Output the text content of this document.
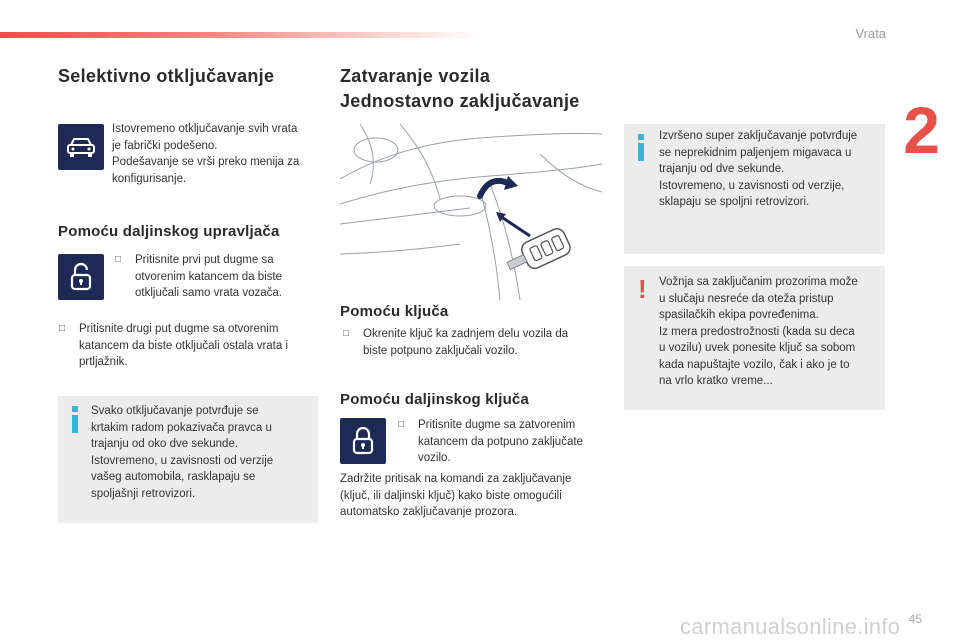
Vrata
2
Selektivno otključavanje
Istovremeno otključavanje svih vrata
je fabrički podešeno.
Podešavanje se vrši preko menija za
konfigurisanje.
Pomoću daljinskog upravljača
□ Pritisnite prvi put dugme sa
otvorenim katancem da biste
otključali samo vrata vozača.
□ Pritisnite drugi put dugme sa otvorenim
katancem da biste otključali ostala vrata i
prtljažnik.
Svako otključavanje potvrđuje se
krtakim radom pokazivača pravca u
trajanju od oko dve sekunde.
Istovremeno, u zavisnosti od verzije
vašeg automobila, rasklapaju se
spoljašnji retrovizori.
Zatvaranje vozila
Jednostavno zaključavanje
Pomoću ključa
□ Okrenite ključ ka zadnjem delu vozila da
biste potpuno zaključali vozilo.
Pomoću daljinskog ključa
□ Pritisnite dugme sa zatvorenim
katancem da potpuno zaključate
vozilo.
Zadržite pritisak na komandi za zaključavanje
(ključ, ili daljinski ključ) kako biste omogućili
automatsko zaključavanje prozora.
Izvršeno super zaključavanje potvrđuje
se neprekidnim paljenjem migavaca u
trajanju od dve sekunde.
Istovremeno, u zavisnosti od verzije,
sklapaju se spoljni retrovizori.
! Vožnja sa zaključanim prozorima može
u slučaju nesreće da oteža pristup
spasilačkih ekipa povređenima.
Iz mera predostrožnosti (kada su deca
u vozilu) uvek ponesite ključ sa sobom
kada napuštajte vozilo, čak i ako je to
na vrlo kratko vreme...
carmanualsonline.info 45
